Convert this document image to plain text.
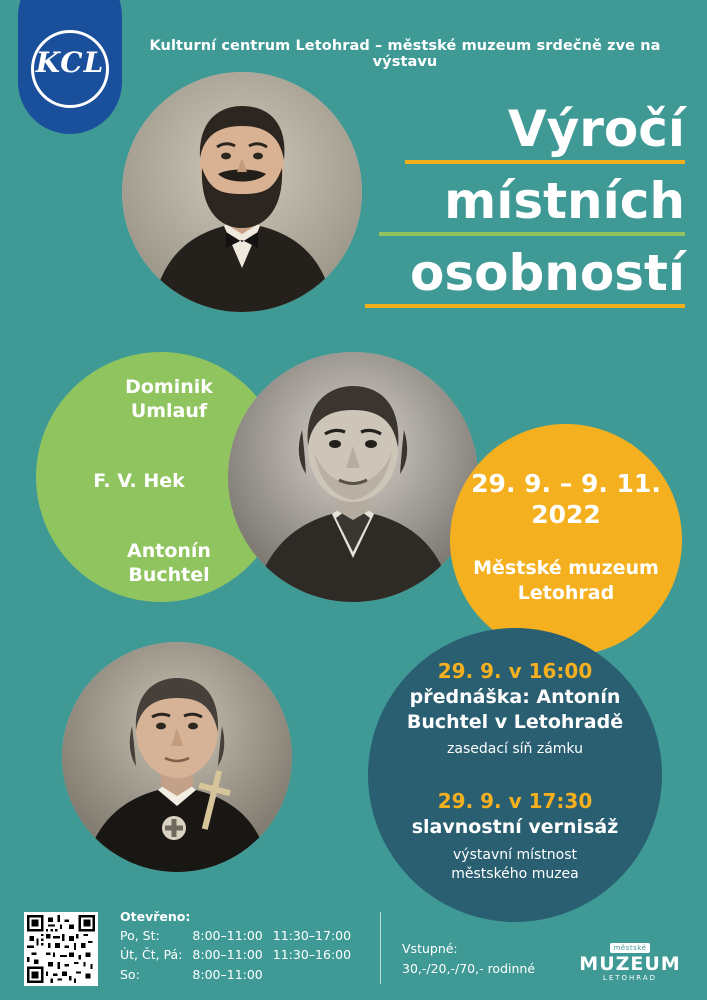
KCL	Kulturní centrum Letohrad – městské muzeum srdečně zve na výstavu
Výročí
místních
osobností
Dominik
Umlauf
F. V. Hek
Antonín
Buchtel
29. 9. – 9. 11.
2022
Městské muzeum
Letohrad
29. 9. v 16:00
přednáška: Antonín
Buchtel v Letohradě
zasedací síň zámku
29. 9. v 17:30
slavnostní vernisáž
výstavní místnost
městského muzea
Otevřeno:
Po, St:	8:00–11:00	11:30–17:00
Út, Čt, Pá:	8:00–11:00	11:30–16:00
So:	8:00–11:00	
Vstupné:
30,-/20,-/70,- rodinné
městské
MUZEUM
LETOHRAD
